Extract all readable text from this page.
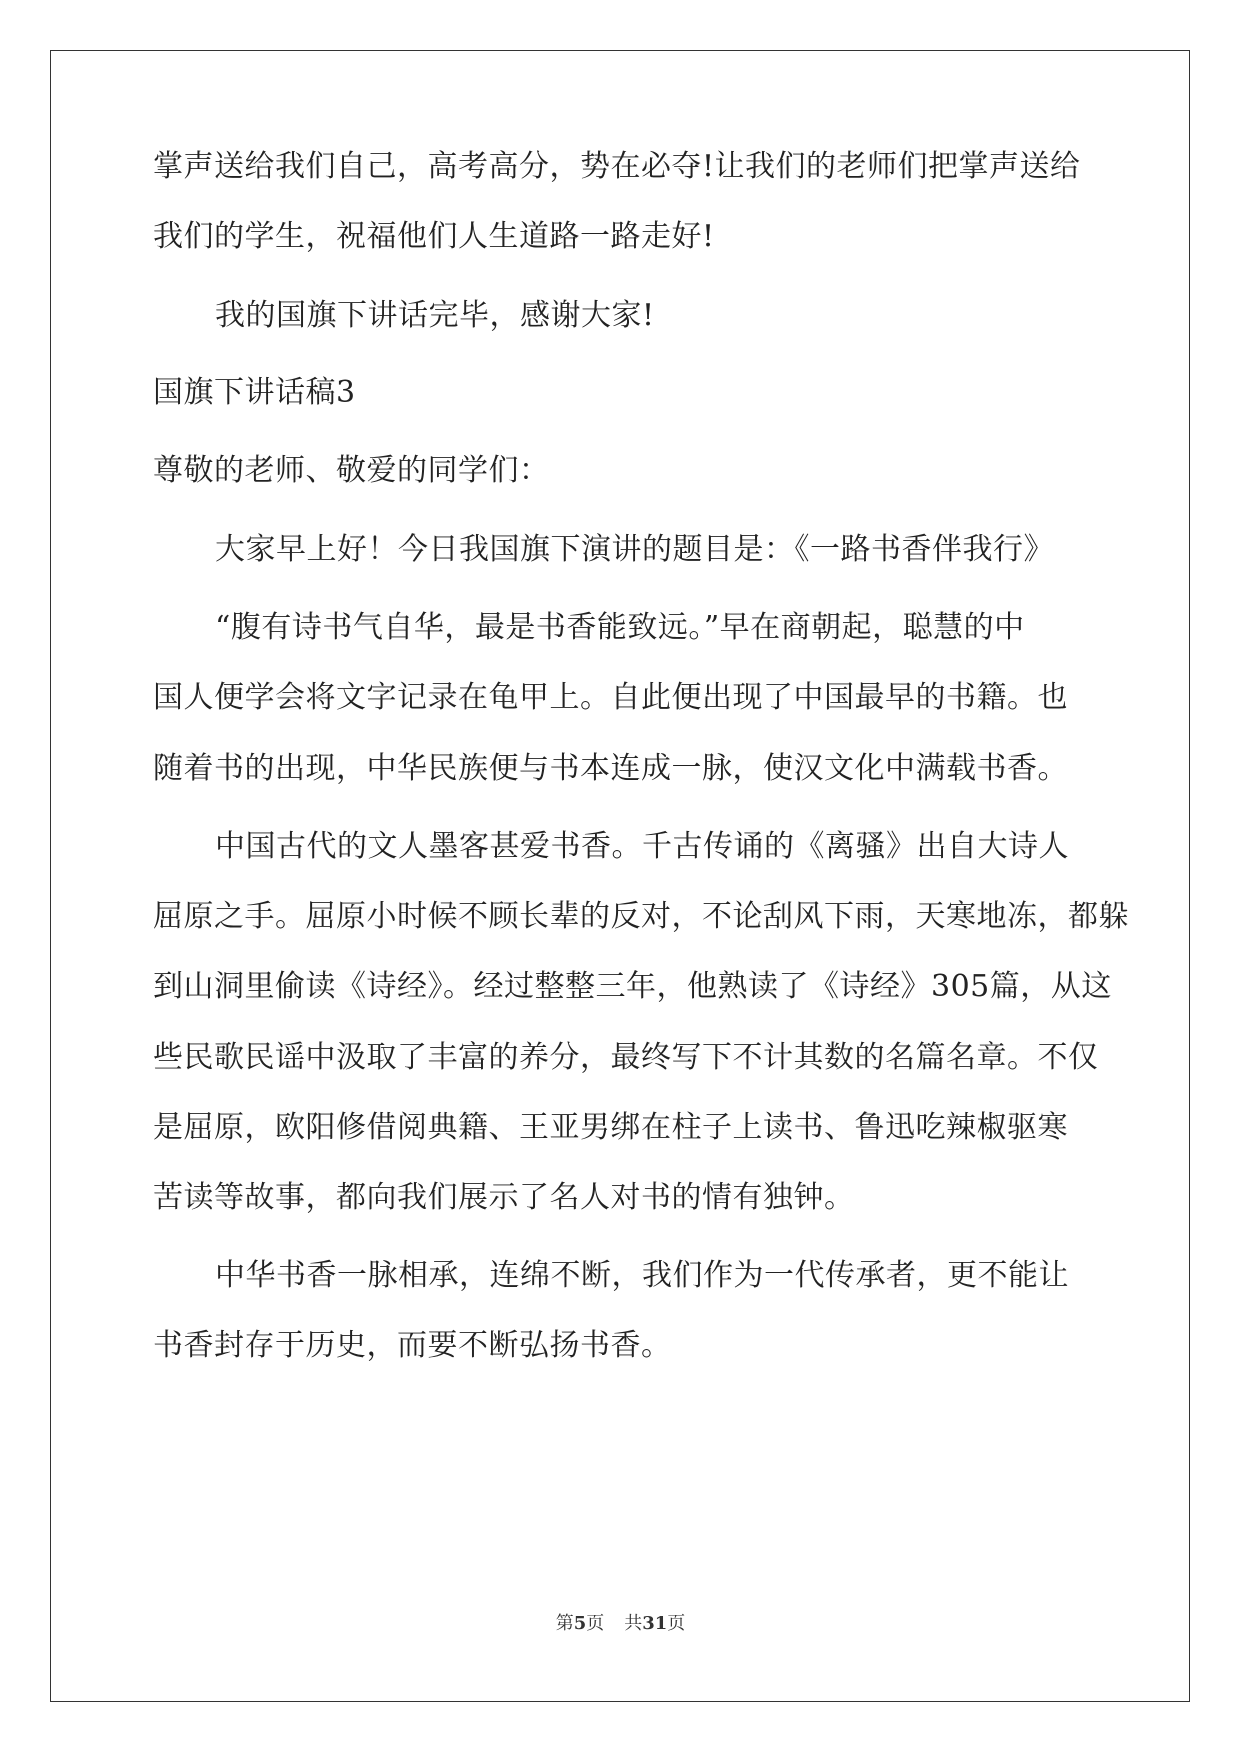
掌声送给我们自己，高考高分，势在必夺!让我们的老师们把掌声送给
我们的学生，祝福他们人生道路一路走好!
我的国旗下讲话完毕，感谢大家!
国旗下讲话稿3
尊敬的老师、敬爱的同学们：
大家早上好！今日我国旗下演讲的题目是：《一路书香伴我行》
“腹有诗书气自华，最是书香能致远。”早在商朝起，聪慧的中
国人便学会将文字记录在龟甲上。自此便出现了中国最早的书籍。也
随着书的出现，中华民族便与书本连成一脉，使汉文化中满载书香。
中国古代的文人墨客甚爱书香。千古传诵的《离骚》出自大诗人
屈原之手。屈原小时候不顾长辈的反对，不论刮风下雨，天寒地冻，都躲
到山洞里偷读《诗经》。经过整整三年，他熟读了《诗经》305篇，从这
些民歌民谣中汲取了丰富的养分，最终写下不计其数的名篇名章。不仅
是屈原，欧阳修借阅典籍、王亚男绑在柱子上读书、鲁迅吃辣椒驱寒
苦读等故事，都向我们展示了名人对书的情有独钟。
中华书香一脉相承，连绵不断，我们作为一代传承者，更不能让
书香封存于历史，而要不断弘扬书香。
第5页 共31页
